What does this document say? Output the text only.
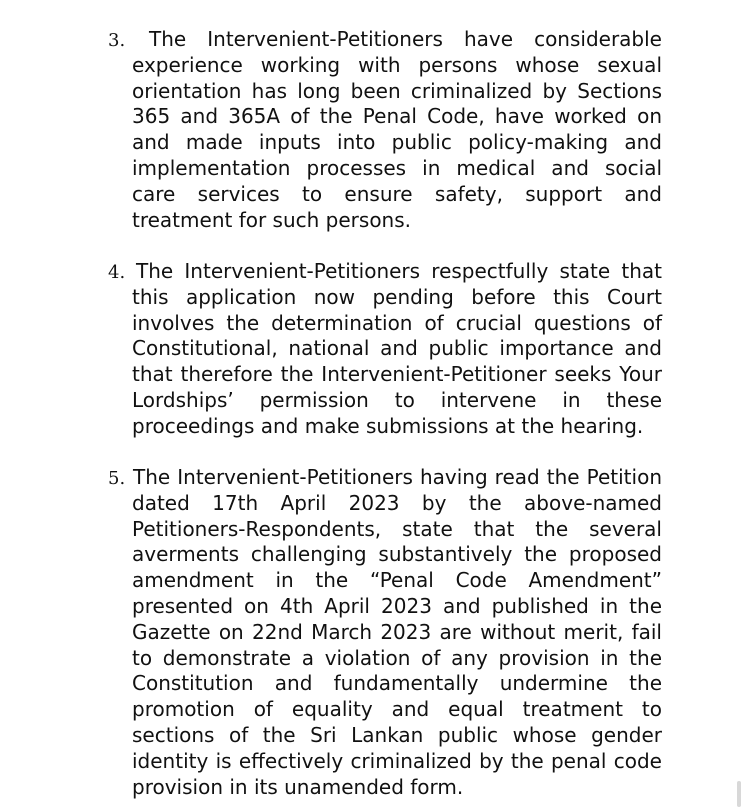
3.	The Intervenient-Petitioners have considerable experience working with persons whose sexual orientation has long been criminalized by Sections 365 and 365A of the Penal Code, have worked on and made inputs into public policy-making and implementation processes in medical and social care services to ensure safety, support and treatment for such persons.
4. The Intervenient-Petitioners respectfully state that this application now pending before this Court involves the determination of crucial questions of Constitutional, national and public importance and that therefore the Intervenient-Petitioner seeks Your Lordships’ permission to intervene in these proceedings and make submissions at the hearing.
5. The Intervenient-Petitioners having read the Petition dated 17th April 2023 by the above-named Petitioners-Respondents, state that the several averments challenging substantively the proposed amendment in the “Penal Code Amendment” presented on 4th April 2023 and published in the Gazette on 22nd March 2023 are without merit, fail to demonstrate a violation of any provision in the Constitution and fundamentally undermine the promotion of equality and equal treatment to sections of the Sri Lankan public whose gender identity is effectively criminalized by the penal code provision in its unamended form.
